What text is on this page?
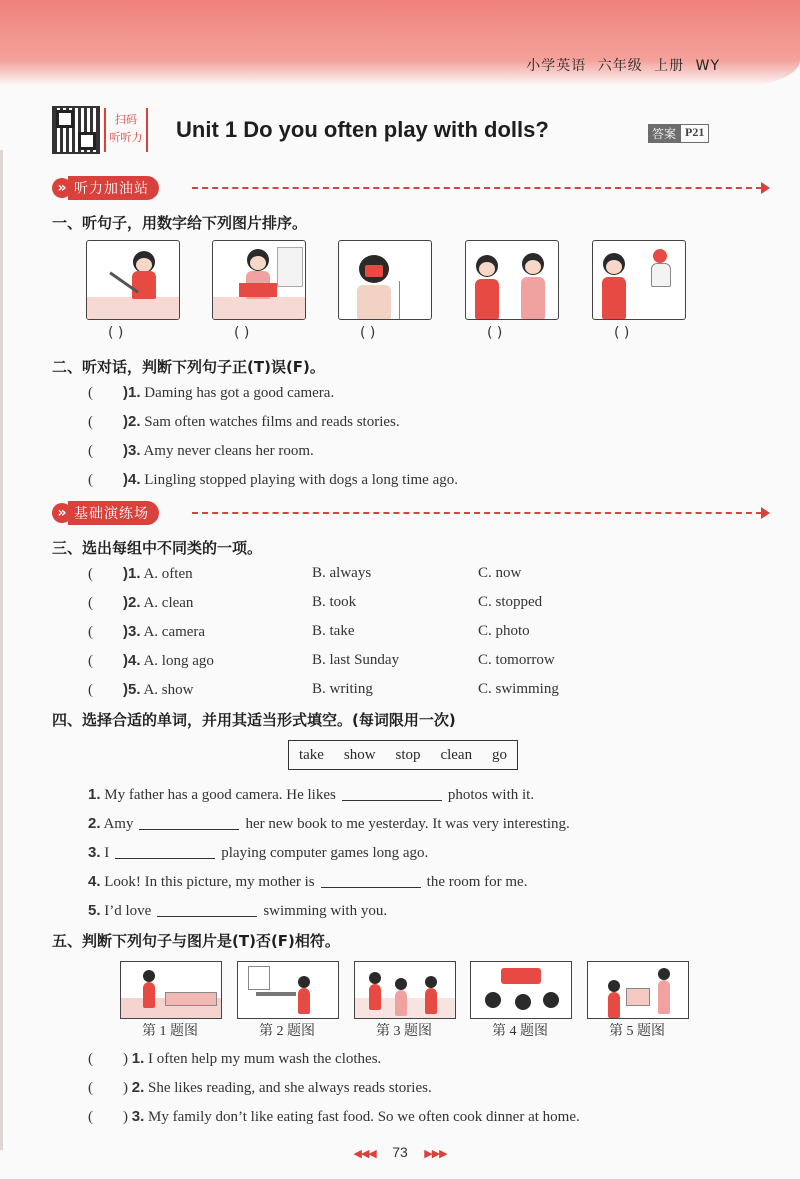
小学英语 六年级 上册 WY
扫码
听听力 Unit 1 Do you often play with dolls?	答案 P21
» 听力加油站
一、听句子，用数字给下列图片排序。
( )	( )	( )	( )	( )
二、听对话，判断下列句子正(T)误(F)。
(        )1. Daming has got a good camera.
(        )2. Sam often watches films and reads stories.
(        )3. Amy never cleans her room.
(        )4. Lingling stopped playing with dogs a long time ago.
» 基础演练场
三、选出每组中不同类的一项。
(        )1. A. often	B. always	C. now
(        )2. A. clean	B. took	C. stopped
(        )3. A. camera	B. take	C. photo
(        )4. A. long ago	B. last Sunday	C. tomorrow
(        )5. A. show	B. writing	C. swimming
四、选择合适的单词，并用其适当形式填空。(每词限用一次)
take show stop clean go
1. My father has a good camera. He likes	photos with it.
2. Amy	her new book to me yesterday. It was very interesting.
3. I	playing computer games long ago.
4. Look! In this picture, my mother is	the room for me.
5. I’d love	swimming with you.
五、判断下列句子与图片是(T)否(F)相符。
第 1 题图	第 2 题图	第 3 题图	第 4 题图	第 5 题图
(        ) 1. I often help my mum wash the clothes.
(        ) 2. She likes reading, and she always reads stories.
(        ) 3. My family don’t like eating fast food. So we often cook dinner at home.
◀◀◀ 73 ▶▶▶
